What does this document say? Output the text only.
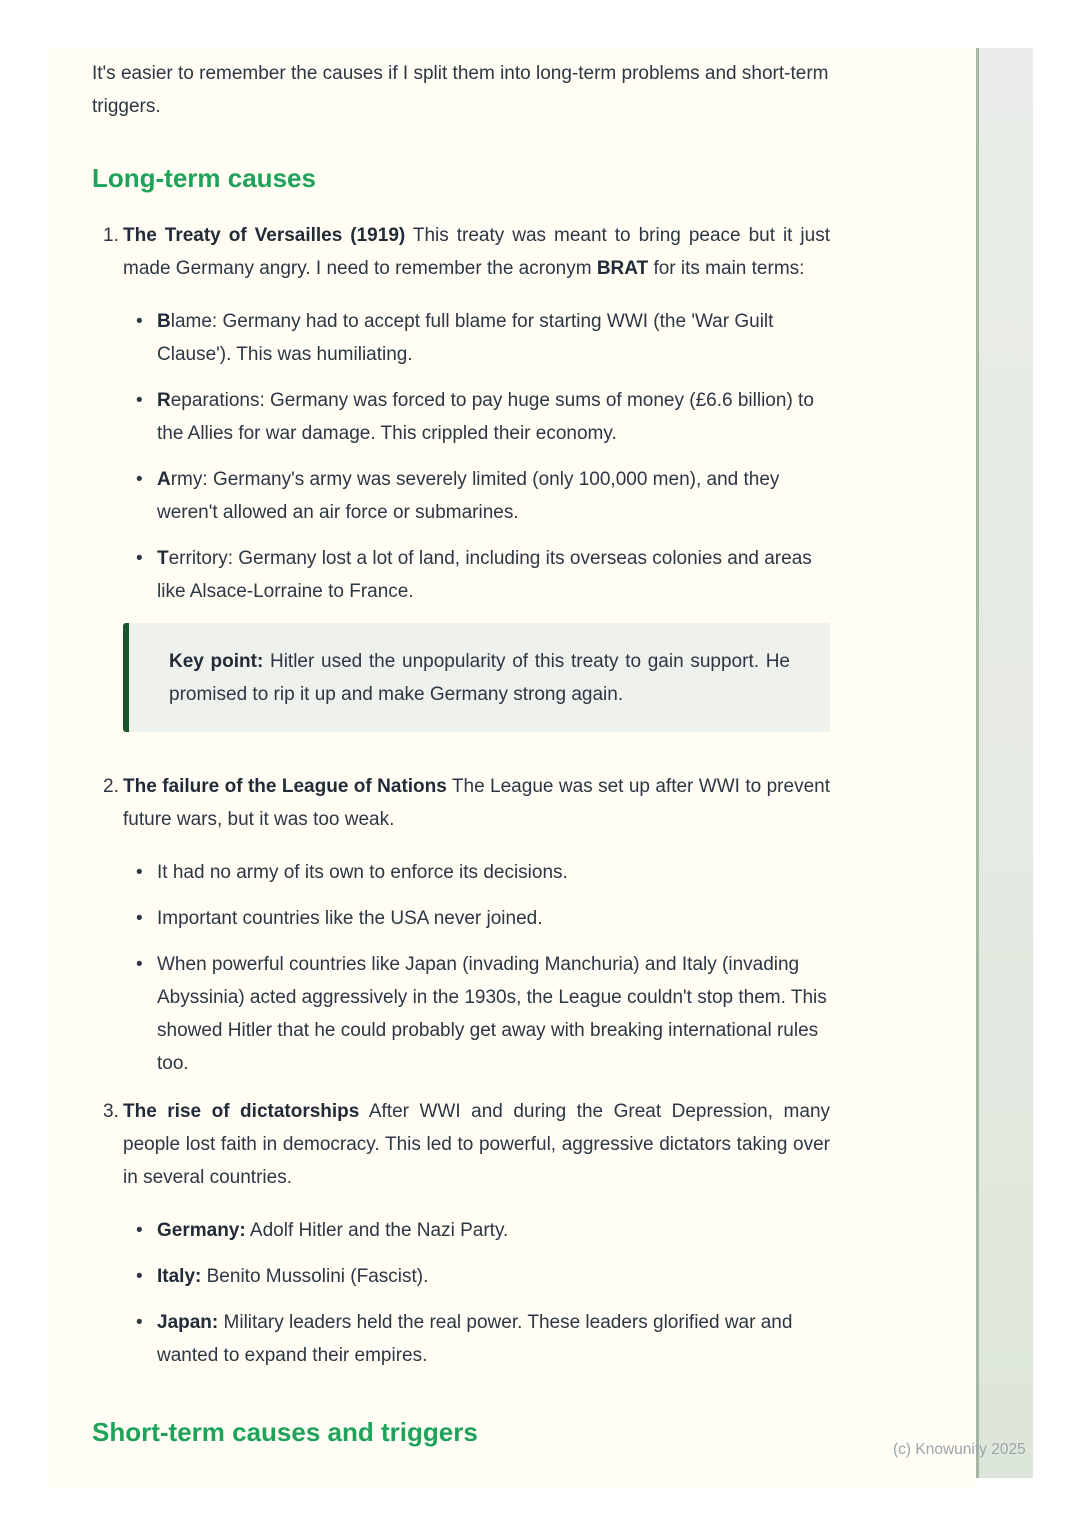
It's easier to remember the causes if I split them into long-term problems and short-term triggers.

Long-term causes
1. The Treaty of Versailles (1919) This treaty was meant to bring peace but it just made Germany angry. I need to remember the acronym BRAT for its main terms:

• Blame: Germany had to accept full blame for starting WWI (the 'War Guilt Clause'). This was humiliating.

• Reparations: Germany was forced to pay huge sums of money (£6.6 billion) to the Allies for war damage. This crippled their economy.

• Army: Germany's army was severely limited (only 100,000 men), and they weren't allowed an air force or submarines.

• Territory: Germany lost a lot of land, including its overseas colonies and areas like Alsace-Lorraine to France.

Key point: Hitler used the unpopularity of this treaty to gain support. He promised to rip it up and make Germany strong again.

2. The failure of the League of Nations The League was set up after WWI to prevent future wars, but it was too weak.

• It had no army of its own to enforce its decisions.

• Important countries like the USA never joined.

• When powerful countries like Japan (invading Manchuria) and Italy (invading Abyssinia) acted aggressively in the 1930s, the League couldn't stop them. This showed Hitler that he could probably get away with breaking international rules too.

3. The rise of dictatorships After WWI and during the Great Depression, many people lost faith in democracy. This led to powerful, aggressive dictators taking over in several countries.

• Germany: Adolf Hitler and the Nazi Party.

• Italy: Benito Mussolini (Fascist).

• Japan: Military leaders held the real power. These leaders glorified war and wanted to expand their empires.

Short-term causes and triggers
(c) Knowunity 2025
